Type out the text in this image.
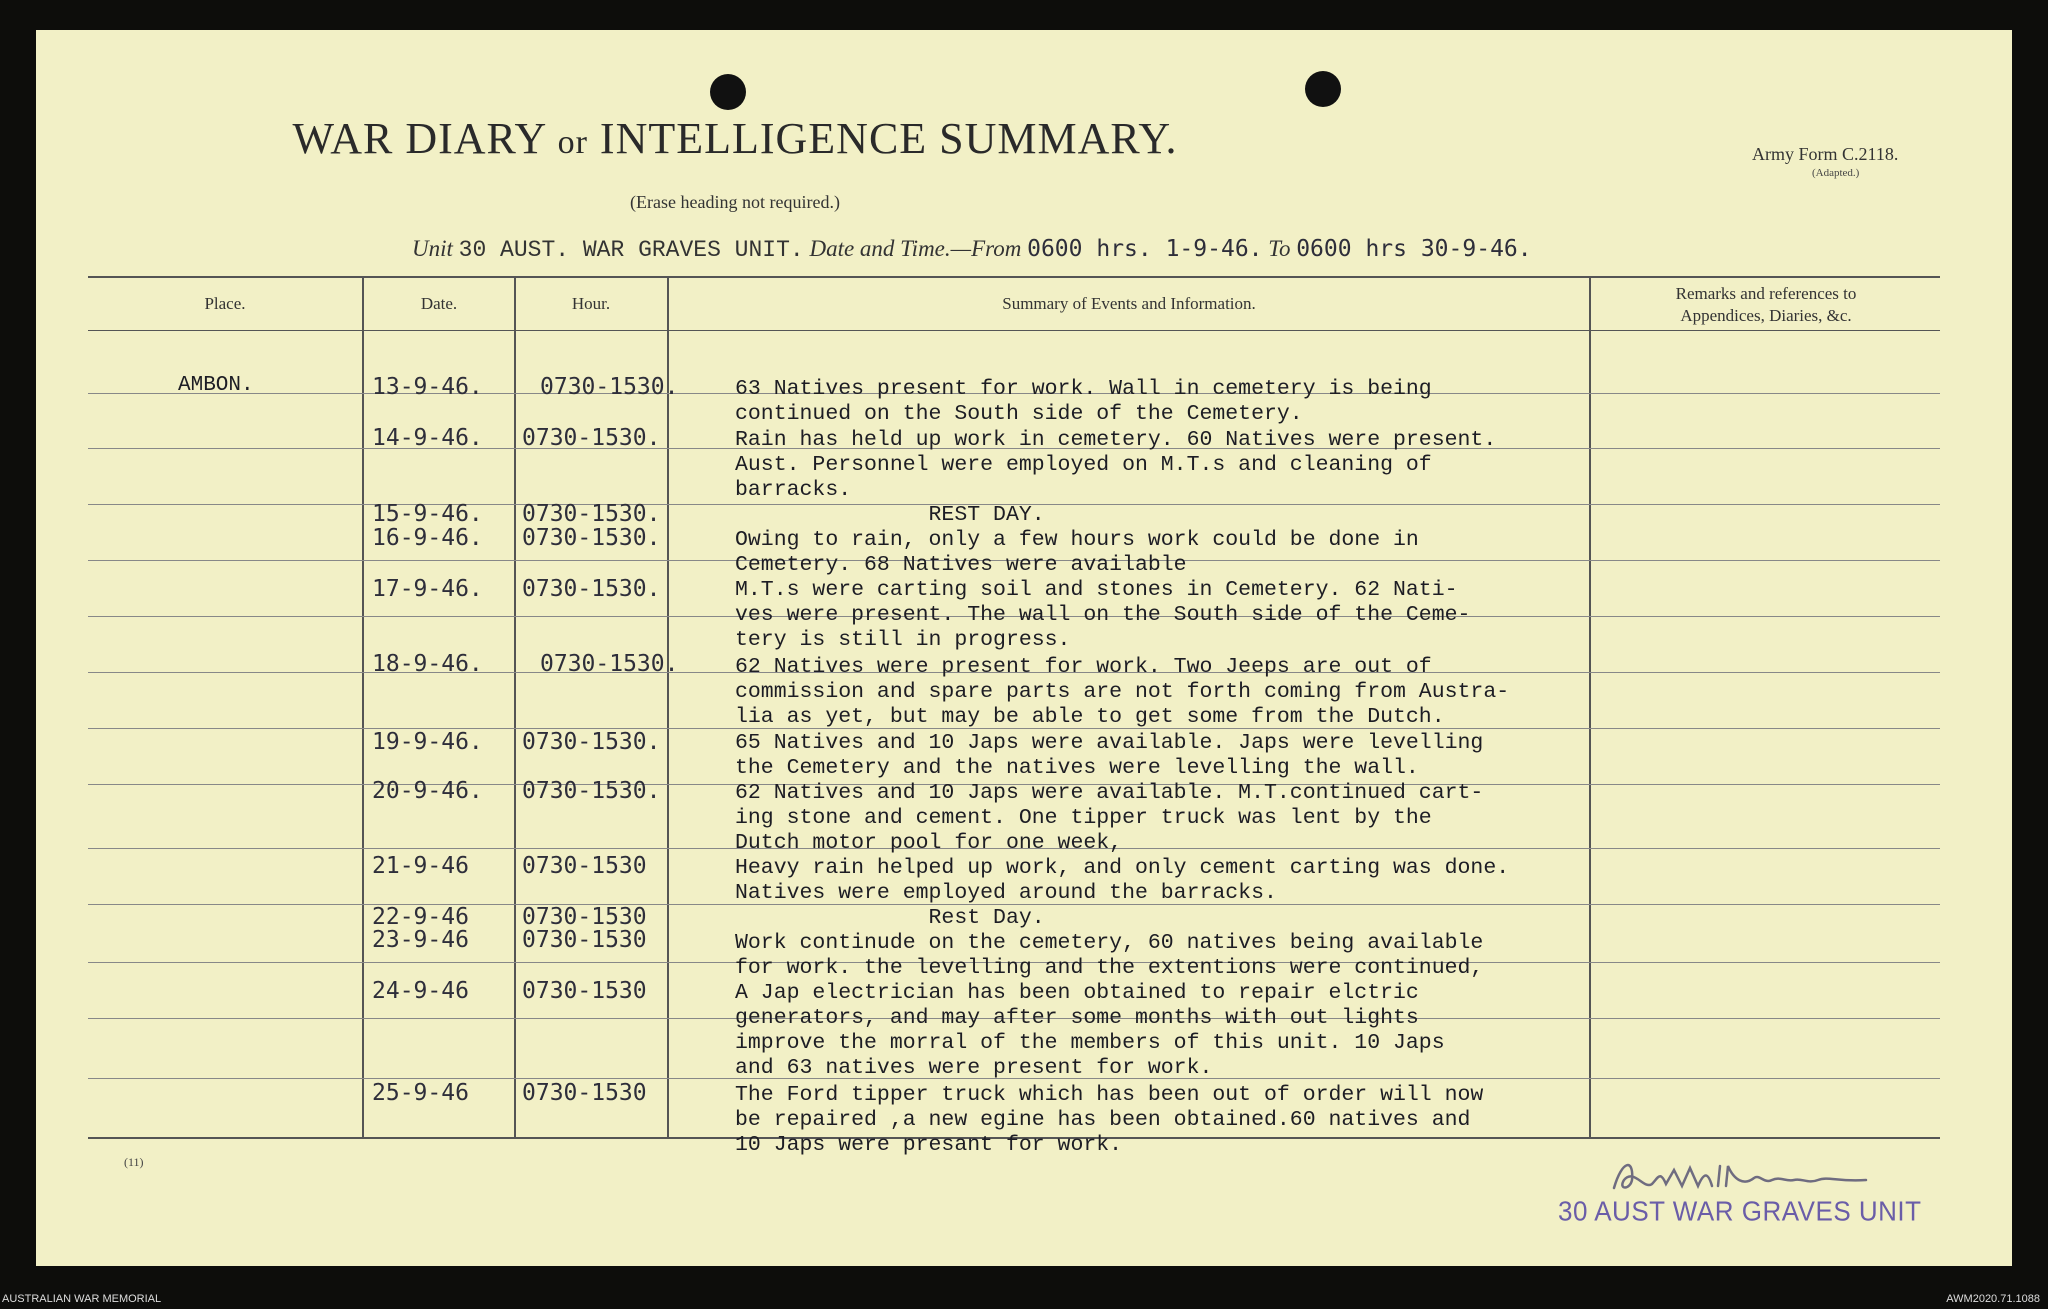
WAR DIARY or INTELLIGENCE SUMMARY.
(Erase heading not required.)
Army Form C.2118.
(Adapted.)
Unit 30 AUST. WAR GRAVES UNIT. Date and Time.—From 0600 hrs. 1-9-46. To 0600 hrs 30-9-46.
Place.	Date.	Hour.	Summary of Events and Information.
Remarks and references to
Appendices, Diaries, &c.
AMBON.	13-9-46. 0730-1530.	63 Natives present for work. Wall in cemetery is being
continued on the South side of the Cemetery.
14-9-46. 0730-1530.	Rain has held up work in cemetery. 60 Natives were present.
Aust. Personnel were employed on M.T.s and cleaning of
barracks.
15-9-46. 0730-1530.	REST DAY.
16-9-46. 0730-1530.	Owing to rain, only a few hours work could be done in
Cemetery. 68 Natives were available
17-9-46. 0730-1530.	M.T.s were carting soil and stones in Cemetery. 62 Nati-
ves were present. The wall on the South side of the Ceme-
tery is still in progress.
18-9-46. 0730-1530.	62 Natives were present for work. Two Jeeps are out of
commission and spare parts are not forth coming from Austra-
lia as yet, but may be able to get some from the Dutch.
19-9-46. 0730-1530.	65 Natives and 10 Japs were available. Japs were levelling
the Cemetery and the natives were levelling the wall.
20-9-46. 0730-1530.	62 Natives and 10 Japs were available. M.T.continued cart-
ing stone and cement. One tipper truck was lent by the
Dutch motor pool for one week,
21-9-46 0730-1530	Heavy rain helped up work, and only cement carting was done.
Natives were employed around the barracks.
22-9-46 0730-1530	Rest Day.
23-9-46 0730-1530	Work continude on the cemetery, 60 natives being available
for work. the levelling and the extentions were continued,
24-9-46 0730-1530	A Jap electrician has been obtained to repair elctric
generators, and may after some months with out lights
improve the morral of the members of this unit. 10 Japs
and 63 natives were present for work.
25-9-46 0730-1530	The Ford tipper truck which has been out of order will now
be repaired ,a new egine has been obtained.60 natives and
10 Japs were presant for work.
(11)
30 AUST WAR GRAVES UNIT
AUSTRALIAN WAR MEMORIAL	AWM2020.71.1088
